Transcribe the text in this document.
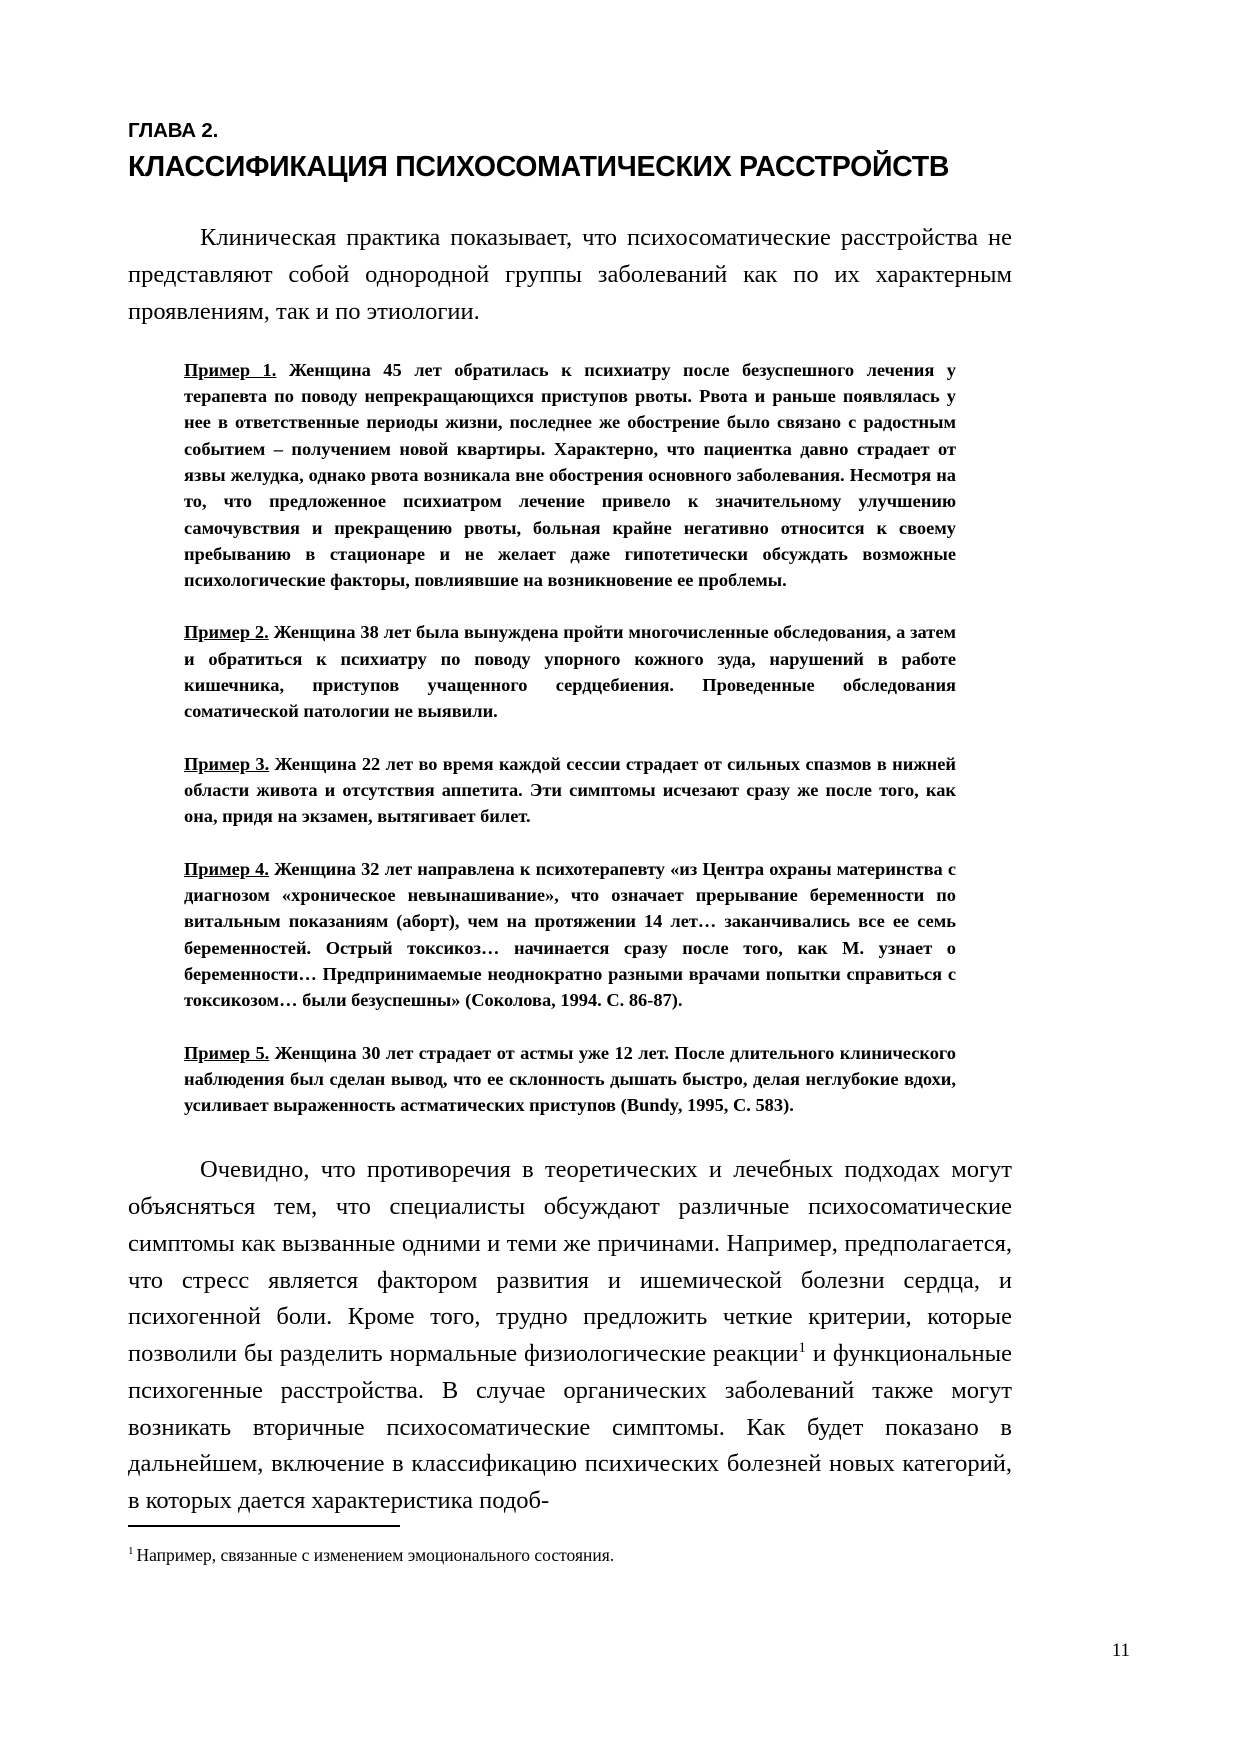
ГЛАВА 2.
КЛАССИФИКАЦИЯ ПСИХОСОМАТИЧЕСКИХ РАССТРОЙСТВ

Клиническая практика показывает, что психосоматические расстройства не представляют собой однородной группы заболеваний как по их характерным проявлениям, так и по этиологии.

Пример 1. Женщина 45 лет обратилась к психиатру после безуспешного лечения у терапевта по поводу непрекращающихся приступов рвоты. Рвота и раньше появлялась у нее в ответственные периоды жизни, последнее же обострение было связано с радостным событием – получением новой квартиры. Характерно, что пациентка давно страдает от язвы желудка, однако рвота возникала вне обострения основного заболевания. Несмотря на то, что предложенное психиатром лечение привело к значительному улучшению самочувствия и прекращению рвоты, больная крайне негативно относится к своему пребыванию в стационаре и не желает даже гипотетически обсуждать возможные психологические факторы, повлиявшие на возникновение ее проблемы.

Пример 2. Женщина 38 лет была вынуждена пройти многочисленные обследования, а затем и обратиться к психиатру по поводу упорного кожного зуда, нарушений в работе кишечника, приступов учащенного сердцебиения. Проведенные обследования соматической патологии не выявили.

Пример 3. Женщина 22 лет во время каждой сессии страдает от сильных спазмов в нижней области живота и отсутствия аппетита. Эти симптомы исчезают сразу же после того, как она, придя на экзамен, вытягивает билет.

Пример 4. Женщина 32 лет направлена к психотерапевту «из Центра охраны материнства с диагнозом «хроническое невынашивание», что означает прерывание беременности по витальным показаниям (аборт), чем на протяжении 14 лет… заканчивались все ее семь беременностей. Острый токсикоз… начинается сразу после того, как М. узнает о беременности… Предпринимаемые неоднократно разными врачами попытки справиться с токсикозом… были безуспешны» (Соколова, 1994. С. 86-87).

Пример 5. Женщина 30 лет страдает от астмы уже 12 лет. После длительного клинического наблюдения был сделан вывод, что ее склонность дышать быстро, делая неглубокие вдохи, усиливает выраженность астматических приступов (Bundy, 1995, С. 583).

Очевидно, что противоречия в теоретических и лечебных подходах могут объясняться тем, что специалисты обсуждают различные психосоматические симптомы как вызванные одними и теми же причинами. Например, предполагается, что стресс является фактором развития и ишемической болезни сердца, и психогенной боли. Кроме того, трудно предложить четкие критерии, которые позволили бы разделить нормальные физиологические реакции$^1$ и функциональные психогенные расстройства. В случае органических заболеваний также могут возникать вторичные психосоматические симптомы. Как будет показано в дальнейшем, включение в классификацию психических болезней новых категорий, в которых дается характеристика подоб-

$^1$ Например, связанные с изменением эмоционального состояния.

11
